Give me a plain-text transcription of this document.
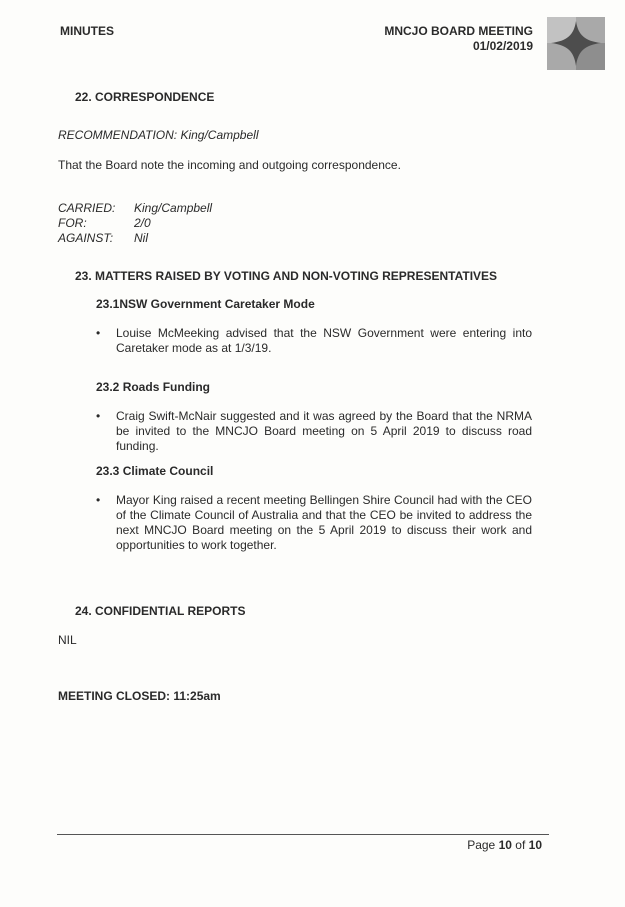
MINUTES	MNCJO BOARD MEETING
01/02/2019
22. CORRESPONDENCE
RECOMMENDATION: King/Campbell
That the Board note the incoming and outgoing correspondence.
CARRIED:	King/Campbell
FOR:	2/0
AGAINST:	Nil
23. MATTERS RAISED BY VOTING AND NON-VOTING REPRESENTATIVES
23.1NSW Government Caretaker Mode
•	Louise McMeeking advised that the NSW Government were entering into Caretaker mode as at 1/3/19.
23.2 Roads Funding
•	Craig Swift-McNair suggested and it was agreed by the Board that the NRMA be invited to the MNCJO Board meeting on 5 April 2019 to discuss road funding.
23.3 Climate Council
•	Mayor King raised a recent meeting Bellingen Shire Council had with the CEO of the Climate Council of Australia and that the CEO be invited to address the next MNCJO Board meeting on the 5 April 2019 to discuss their work and opportunities to work together.
24. CONFIDENTIAL REPORTS
NIL
MEETING CLOSED: 11:25am
Page 10 of 10
